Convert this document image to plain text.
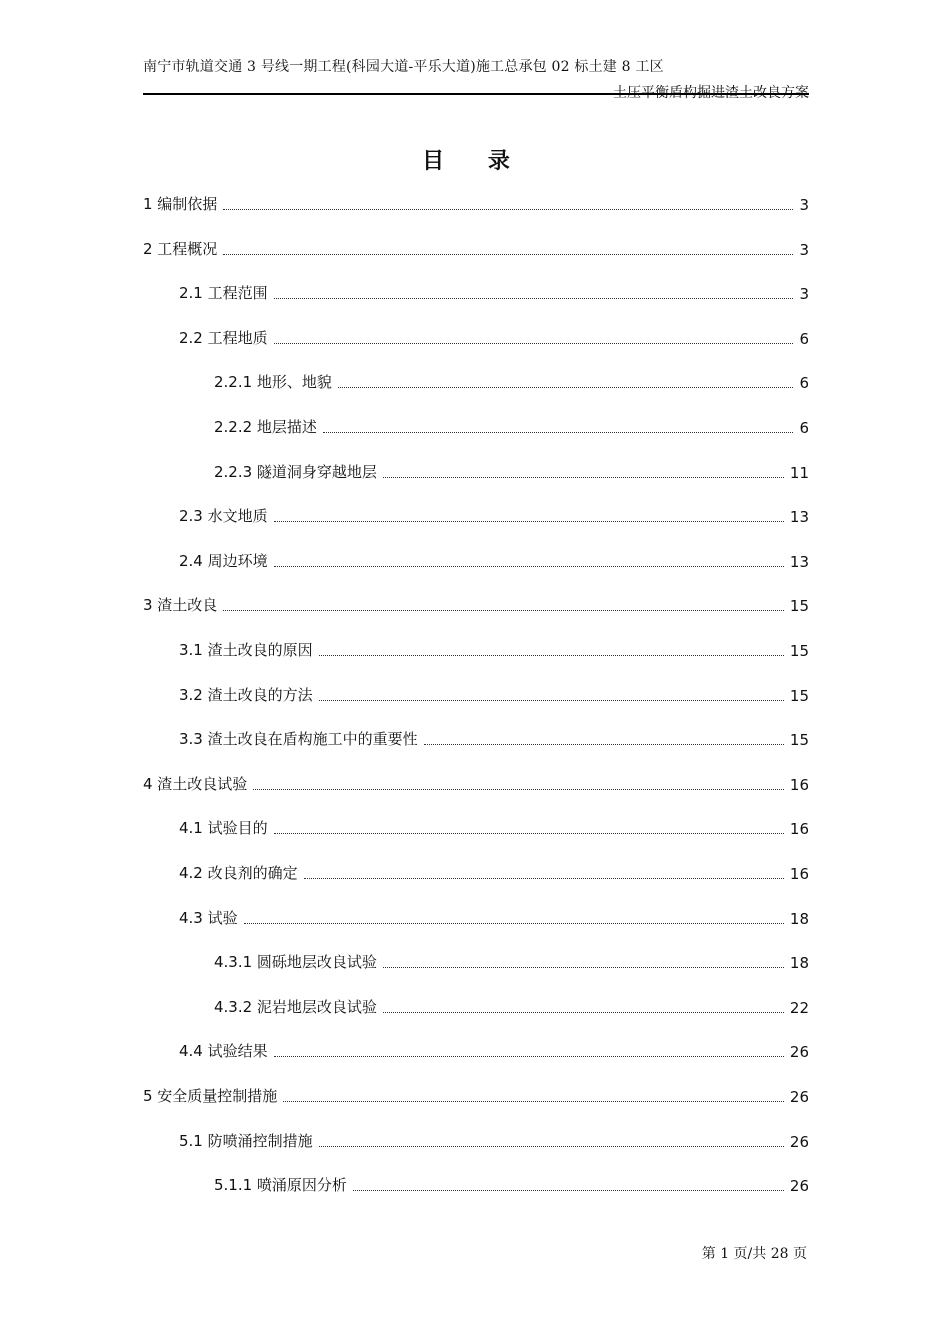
南宁市轨道交通 3 号线一期工程(科园大道-平乐大道)施工总承包 02 标土建 8 工区
土压平衡盾构掘进渣土改良方案
目 录
1 编制依据	3
2 工程概况	3
2.1 工程范围	3
2.2 工程地质	6
2.2.1 地形、地貌	6
2.2.2 地层描述	6
2.2.3 隧道洞身穿越地层	11
2.3 水文地质	13
2.4 周边环境	13
3 渣土改良	15
3.1 渣土改良的原因	15
3.2 渣土改良的方法	15
3.3 渣土改良在盾构施工中的重要性	15
4 渣土改良试验	16
4.1 试验目的	16
4.2 改良剂的确定	16
4.3 试验	18
4.3.1 圆砾地层改良试验	18
4.3.2 泥岩地层改良试验	22
4.4 试验结果	26
5 安全质量控制措施	26
5.1 防喷涌控制措施	26
5.1.1 喷涌原因分析	26
第 1 页/共 28 页
